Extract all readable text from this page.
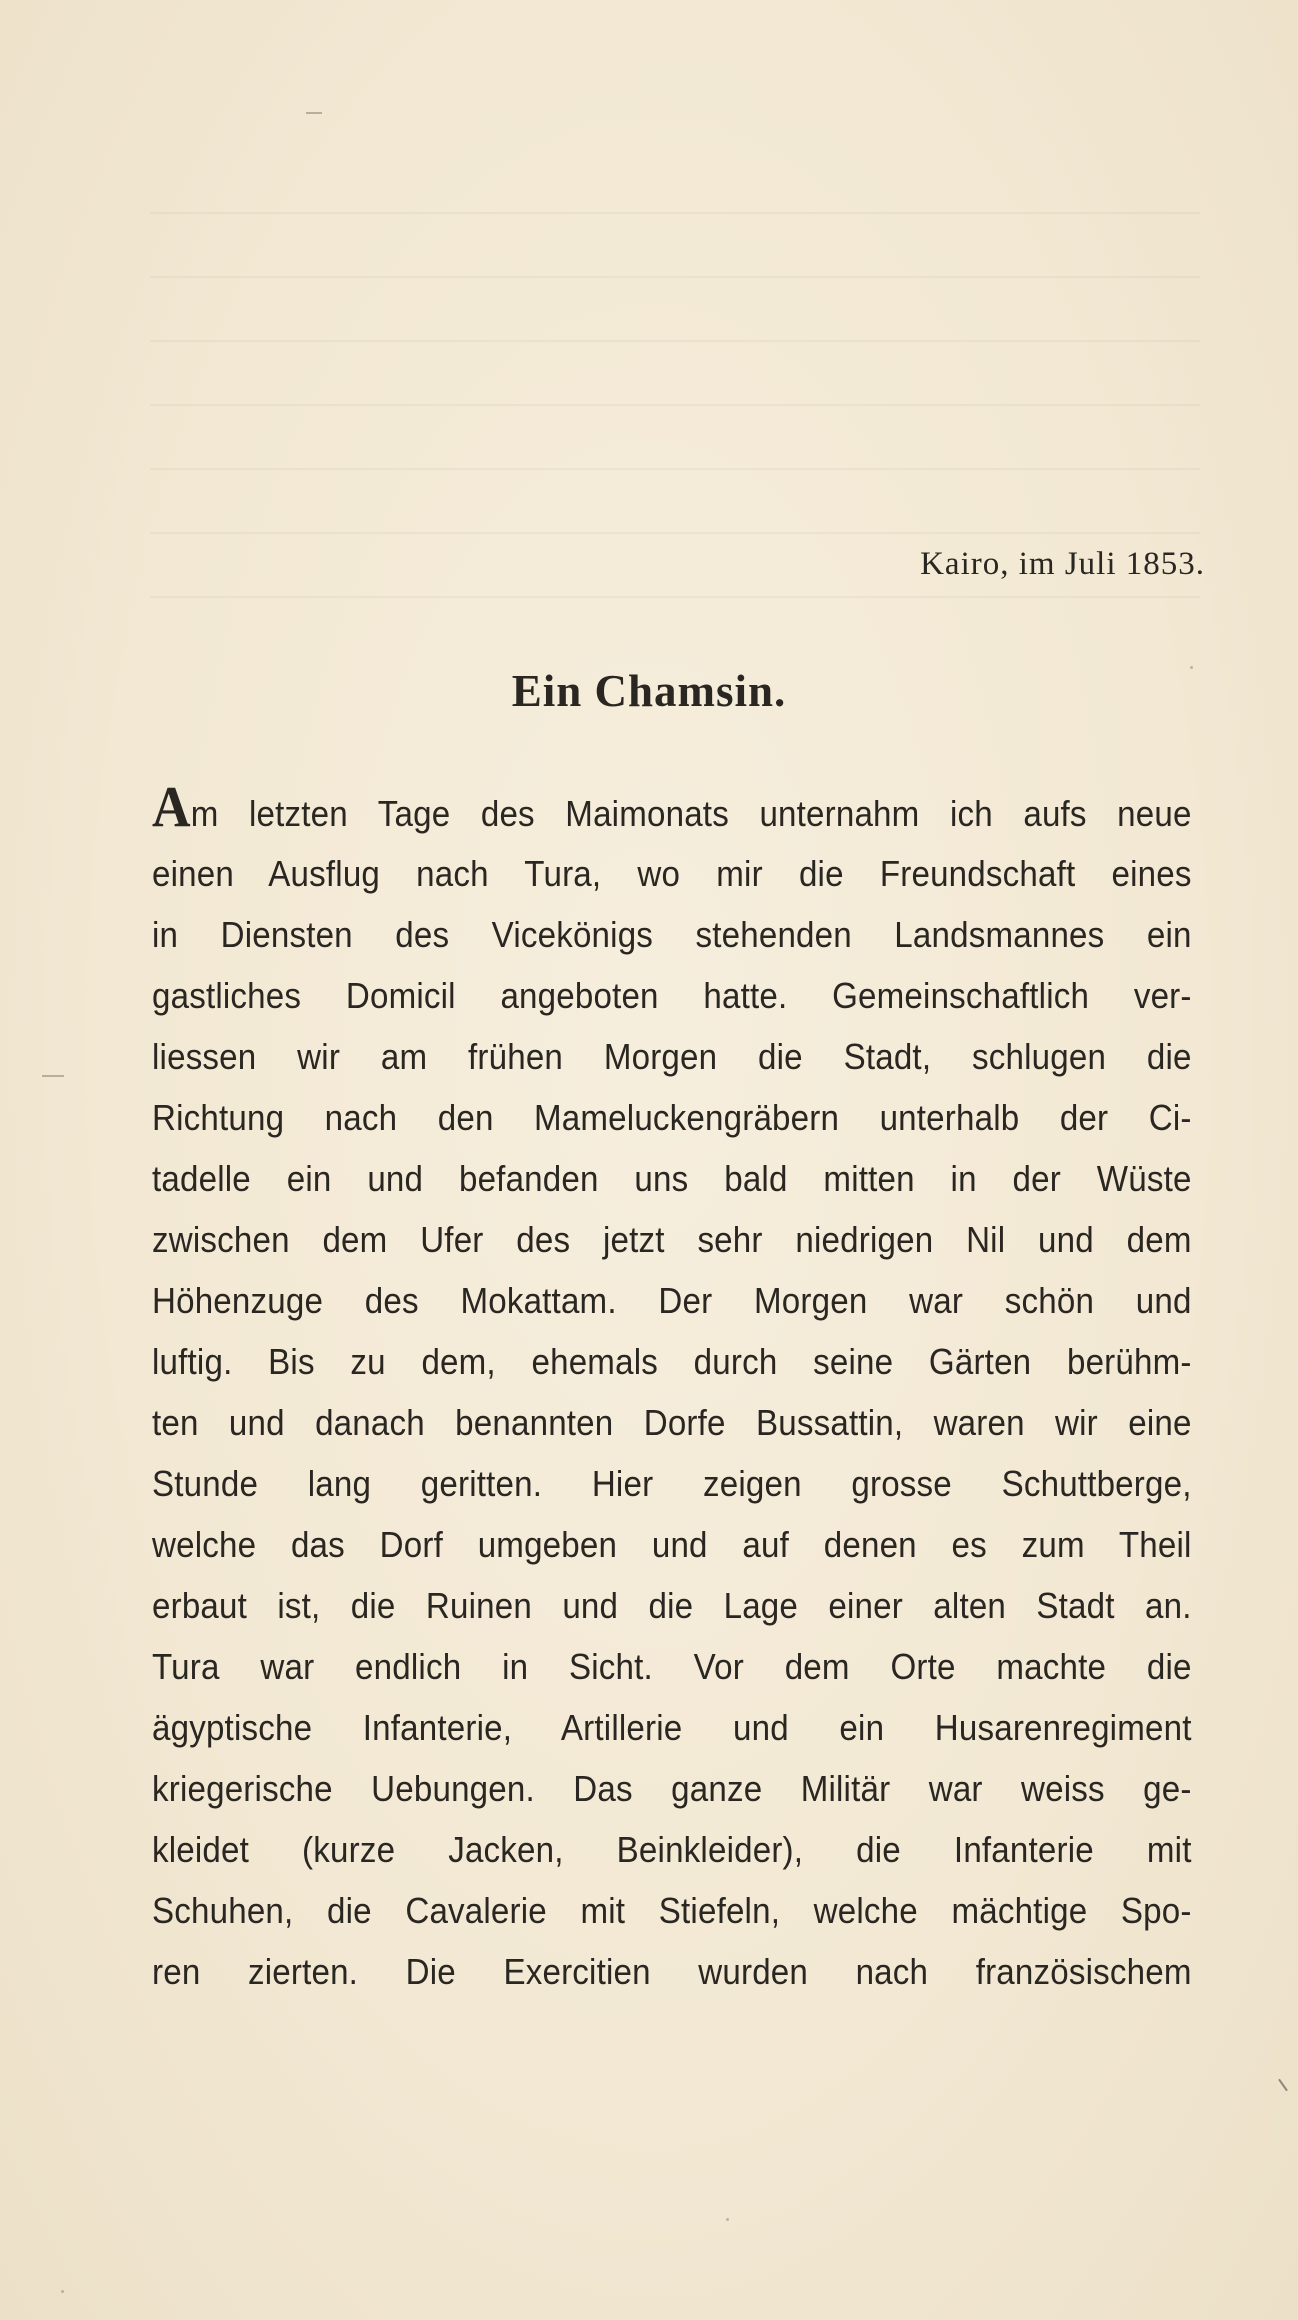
Kairo, im Juli 1853.
Ein Chamsin.
Am letzten Tage des Maimonats unternahm ich aufs neue
einen Ausflug nach Tura, wo mir die Freundschaft eines
in Diensten des Vicekönigs stehenden Landsmannes ein
gastliches Domicil angeboten hatte. Gemeinschaftlich ver-
liessen wir am frühen Morgen die Stadt, schlugen die
Richtung nach den Mameluckengräbern unterhalb der Ci-
tadelle ein und befanden uns bald mitten in der Wüste
zwischen dem Ufer des jetzt sehr niedrigen Nil und dem
Höhenzuge des Mokattam. Der Morgen war schön und
luftig. Bis zu dem, ehemals durch seine Gärten berühm-
ten und danach benannten Dorfe Bussattin, waren wir eine
Stunde lang geritten. Hier zeigen grosse Schuttberge,
welche das Dorf umgeben und auf denen es zum Theil
erbaut ist, die Ruinen und die Lage einer alten Stadt an.
Tura war endlich in Sicht. Vor dem Orte machte die
ägyptische Infanterie, Artillerie und ein Husarenregiment
kriegerische Uebungen. Das ganze Militär war weiss ge-
kleidet (kurze Jacken, Beinkleider), die Infanterie mit
Schuhen, die Cavalerie mit Stiefeln, welche mächtige Spo-
ren zierten. Die Exercitien wurden nach französischem
